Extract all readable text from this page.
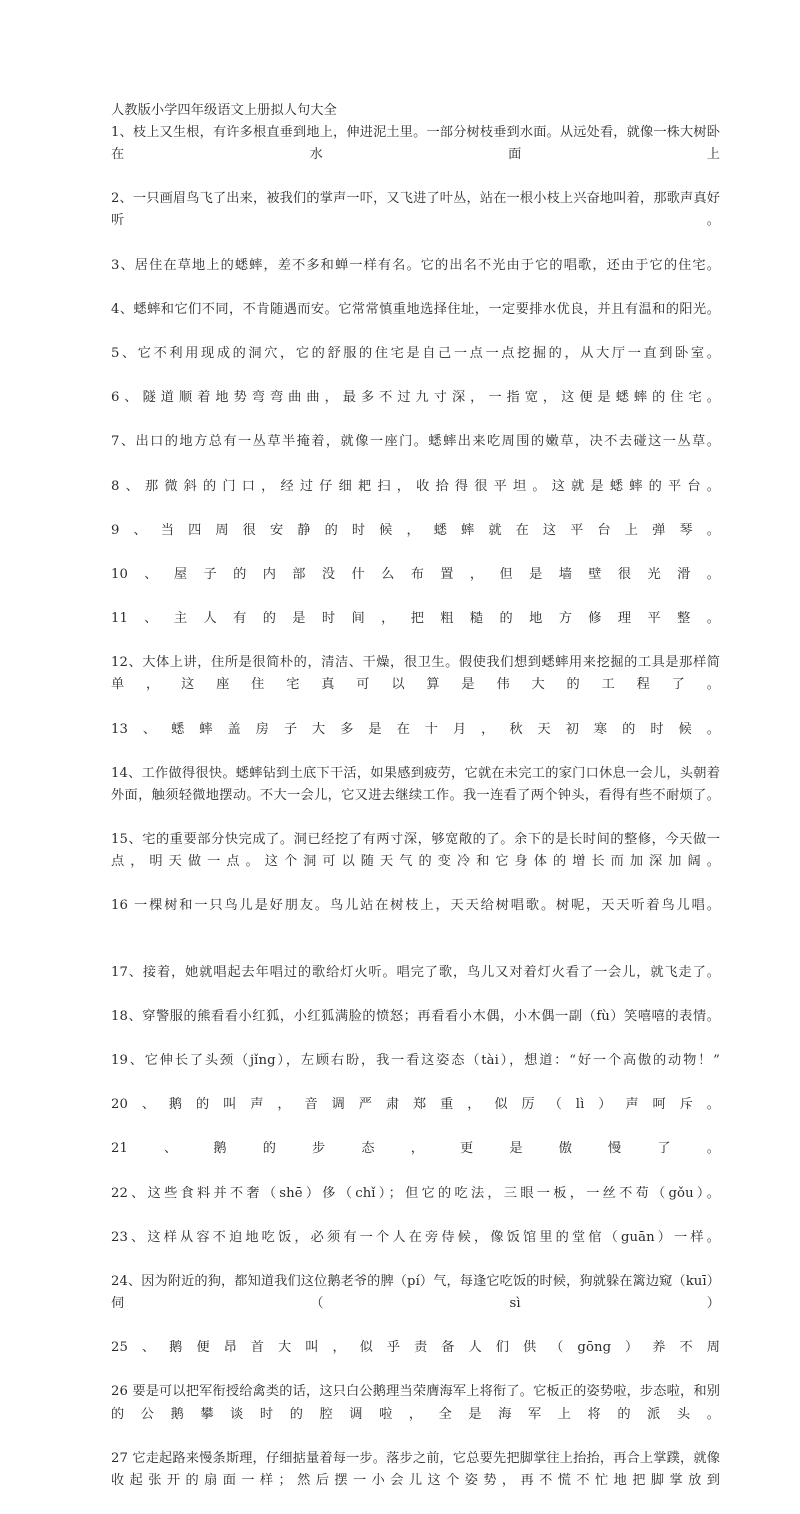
人教版小学四年级语文上册拟人句大全
1、枝上又生根，有许多根直垂到地上，伸进泥土里。一部分树枝垂到水面。从远处看，就像一株大树卧在水面上
2、一只画眉鸟飞了出来，被我们的掌声一吓，又飞进了叶丛，站在一根小枝上兴奋地叫着，那歌声真好听。
3、居住在草地上的蟋蟀，差不多和蝉一样有名。它的出名不光由于它的唱歌，还由于它的住宅。
4、蟋蟀和它们不同，不肯随遇而安。它常常慎重地选择住址，一定要排水优良，并且有温和的阳光。
5、它不利用现成的洞穴，它的舒服的住宅是自己一点一点挖掘的，从大厅一直到卧室。
6、隧道顺着地势弯弯曲曲，最多不过九寸深，一指宽，这便是蟋蟀的住宅。
7、出口的地方总有一丛草半掩着，就像一座门。蟋蟀出来吃周围的嫩草，决不去碰这一丛草。
8、那微斜的门口，经过仔细耙扫，收拾得很平坦。这就是蟋蟀的平台。
9、当四周很安静的时候，蟋蟀就在这平台上弹琴。
10、屋子的内部没什么布置，但是墙壁很光滑。
11、主人有的是时间，把粗糙的地方修理平整。
12、大体上讲，住所是很简朴的，清洁、干燥，很卫生。假使我们想到蟋蟀用来挖掘的工具是那样简单，这座住宅真可以算是伟大的工程了。
13、蟋蟀盖房子大多是在十月，秋天初寒的时候。
14、工作做得很快。蟋蟀钻到土底下干活，如果感到疲劳，它就在未完工的家门口休息一会儿，头朝着外面，触须轻微地摆动。不大一会儿，它又进去继续工作。我一连看了两个钟头，看得有些不耐烦了。
15、宅的重要部分快完成了。洞已经挖了有两寸深，够宽敞的了。余下的是长时间的整修，今天做一点，明天做一点。这个洞可以随天气的变冷和它身体的增长而加深加阔。
16 一棵树和一只鸟儿是好朋友。鸟儿站在树枝上，天天给树唱歌。树呢，天天听着鸟儿唱。

17、接着，她就唱起去年唱过的歌给灯火听。唱完了歌，鸟儿又对着灯火看了一会儿，就飞走了。
18、穿警服的熊看看小红狐，小红狐满脸的愤怒；再看看小木偶，小木偶一副（fù）笑嘻嘻的表情。
19、它伸长了头颈（jǐng），左顾右盼，我一看这姿态（tài），想道：“好一个高傲的动物！”
20、鹅的叫声，音调严肃郑重，似厉（lì）声呵斥。
21、鹅的步态，更是傲慢了。
22、这些食料并不奢（shē）侈（chǐ）；但它的吃法，三眼一板，一丝不苟（gǒu）。
23、这样从容不迫地吃饭，必须有一个人在旁侍候，像饭馆里的堂倌（guān）一样。
24、因为附近的狗，都知道我们这位鹅老爷的脾（pí）气，每逢它吃饭的时候，狗就躲在篱边窥（kuī）伺（sì）
25、鹅便昂首大叫，似乎责备人们供（gōng）养不周
26 要是可以把军衔授给禽类的话，这只白公鹅理当荣膺海军上将衔了。它板正的姿势啦，步态啦，和别的公鹅攀谈时的腔调啦，全是海军上将的派头。
27 它走起路来慢条斯理，仔细掂量着每一步。落步之前，它总要先把脚掌往上抬抬，再合上掌蹼，就像收起张开的扇面一样；然后摆一小会儿这个姿势，再不慌不忙地把脚掌放到
